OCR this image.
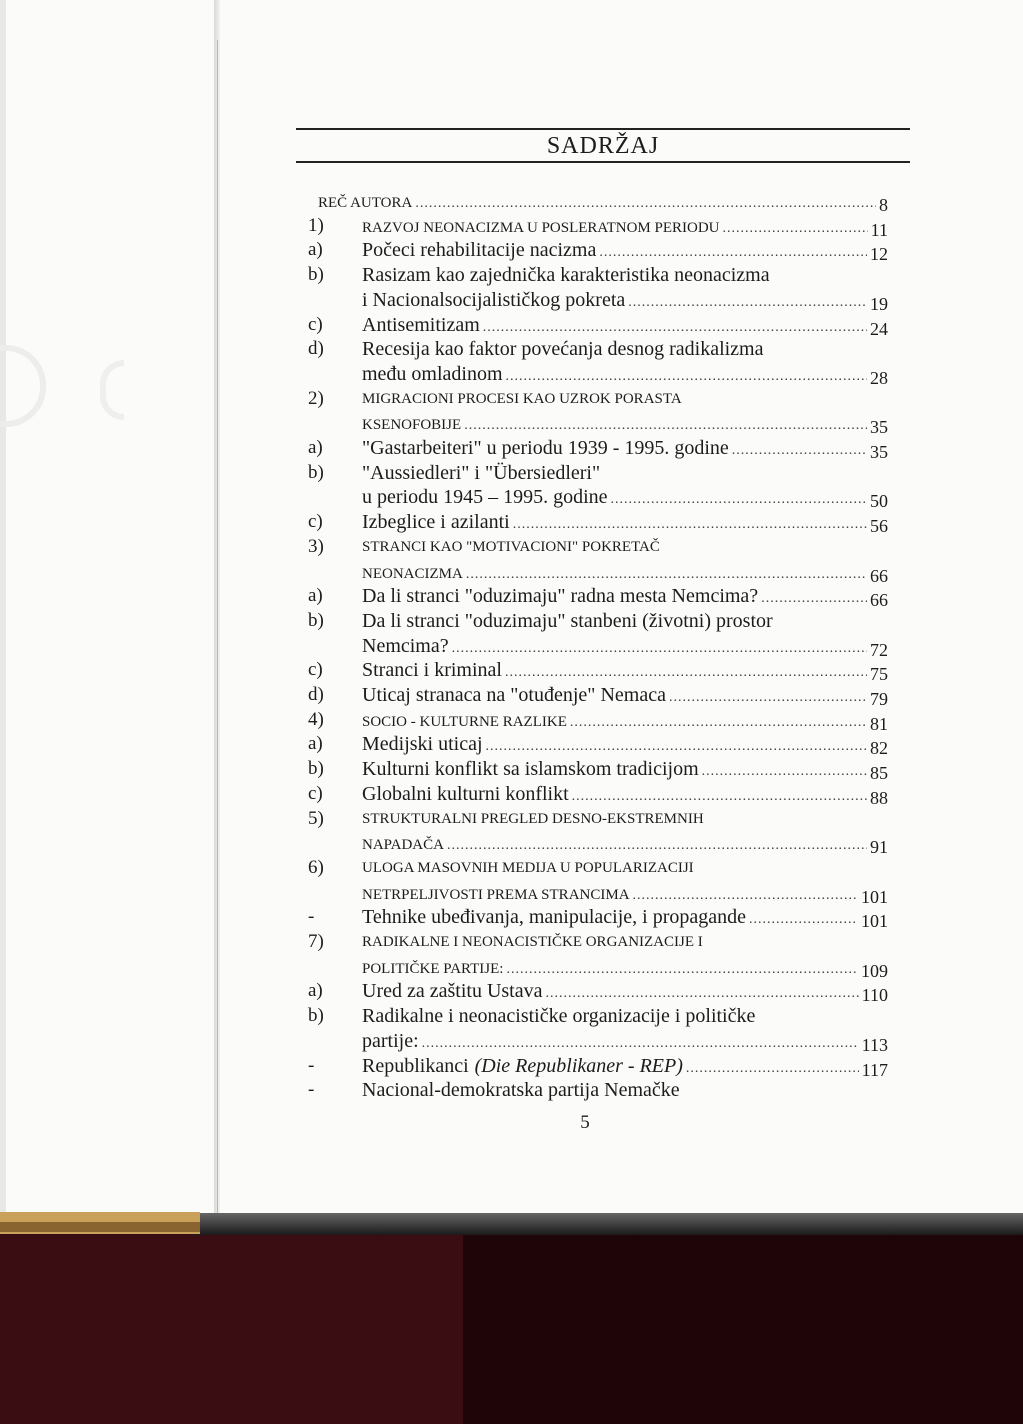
SADRŽAJ
REČ AUTORA .....	8
1)	RAZVOJ NEONACIZMA U POSLERATNOM PERIODU .....	11
a)	Počeci rehabilitacije nacizma .....	12
b)	Rasizam kao zajednička karakteristika neonacizma
i Nacionalsocijalističkog pokreta .....	19
c)	Antisemitizam .....	24
d)	Recesija kao faktor povećanja desnog radikalizma
među omladinom .....	28
2)	MIGRACIONI PROCESI KAO UZROK PORASTA
KSENOFOBIJE .....	35
a)	"Gastarbeiteri" u periodu 1939 - 1995. godine .....	35
b)	"Aussiedleri" i "Übersiedleri"
u periodu 1945 – 1995. godine .....	50
c)	Izbeglice i azilanti .....	56
3)	STRANCI KAO "MOTIVACIONI" POKRETAČ
NEONACIZMA .....	66
a)	Da li stranci "oduzimaju" radna mesta Nemcima? .....	66
b)	Da li stranci "oduzimaju" stanbeni (životni) prostor
Nemcima? .....	72
c)	Stranci i kriminal .....	75
d)	Uticaj stranaca na "otuđenje" Nemaca .....	79
4)	SOCIO - KULTURNE RAZLIKE .....	81
a)	Medijski uticaj .....	82
b)	Kulturni konflikt sa islamskom tradicijom .....	85
c)	Globalni kulturni konflikt .....	88
5)	STRUKTURALNI PREGLED DESNO-EKSTREMNIH
NAPADAČA .....	91
6)	ULOGA MASOVNIH MEDIJA U POPULARIZACIJI
NETRPELJIVOSTI PREMA STRANCIMA .....	101
-	Tehnike ubeđivanja, manipulacije, i propagande .....	101
7)	RADIKALNE I NEONACISTIČKE ORGANIZACIJE I
POLITIČKE PARTIJE: .....	109
a)	Ured za zaštitu Ustava .....	110
b)	Radikalne i neonacističke organizacije i političke
partije: .....	113
-	Republikanci (Die Republikaner - REP) .....	117
-	Nacional-demokratska partija Nemačke
5
